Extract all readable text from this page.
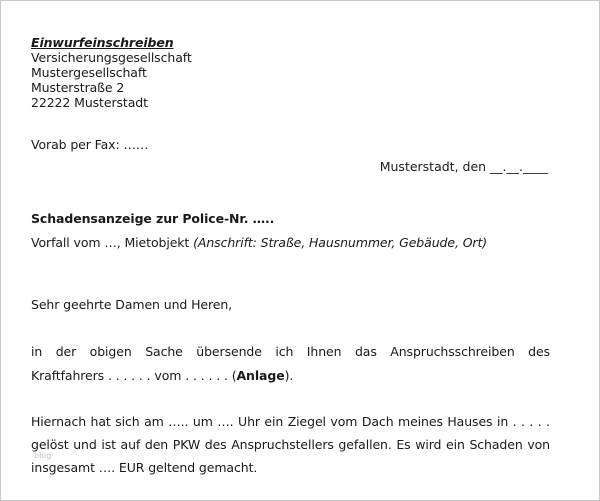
Einwurfeinschreiben
Versicherungsgesellschaft
Mustergesellschaft
Musterstraße 2
22222 Musterstadt
Vorab per Fax: ……
Musterstadt, den __.__.____
Schadensanzeige zur Police-Nr. …..
Vorfall vom …, Mietobjekt (Anschrift: Straße, Hausnummer, Gebäude, Ort)
Sehr geehrte Damen und Heren,
in der obigen Sache übersende ich Ihnen das Anspruchsschreiben des
Kraftfahrers . . . . . . vom . . . . . . (Anlage).
Hiernach hat sich am ….. um …. Uhr ein Ziegel vom Dach meines Hauses in . . . . .
gelöst und ist auf den PKW des Anspruchstellers gefallen. Es wird ein Schaden von
insgesamt …. EUR geltend gemacht.
blog
